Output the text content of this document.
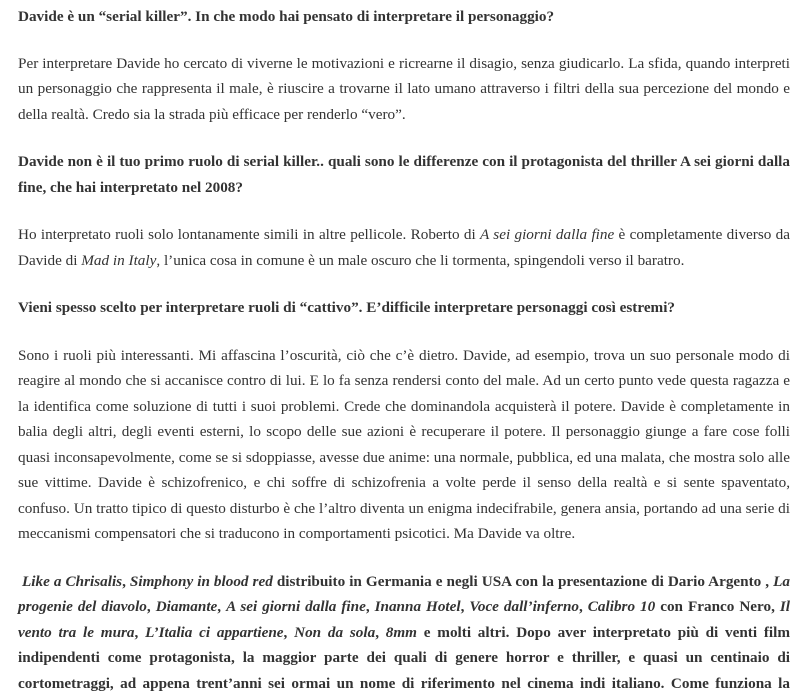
Davide è un “serial killer”. In che modo hai pensato di interpretare il personaggio?

Per interpretare Davide ho cercato di viverne le motivazioni e ricrearne il disagio, senza giudicarlo. La sfida, quando interpreti un personaggio che rappresenta il male, è riuscire a trovarne il lato umano attraverso i filtri della sua percezione del mondo e della realtà. Credo sia la strada più efficace per renderlo “vero”.

Davide non è il tuo primo ruolo di serial killer.. quali sono le differenze con il protagonista del thriller A sei giorni dalla fine, che hai interpretato nel 2008?

Ho interpretato ruoli solo lontanamente simili in altre pellicole. Roberto di A sei giorni dalla fine è completamente diverso da Davide di Mad in Italy, l’unica cosa in comune è un male oscuro che li tormenta, spingendoli verso il baratro.

Vieni spesso scelto per interpretare ruoli di “cattivo”. E’difficile interpretare personaggi così estremi?

Sono i ruoli più interessanti. Mi affascina l’oscurità, ciò che c’è dietro. Davide, ad esempio, trova un suo personale modo di reagire al mondo che si accanisce contro di lui. E lo fa senza rendersi conto del male. Ad un certo punto vede questa ragazza e la identifica come soluzione di tutti i suoi problemi. Crede che dominandola acquisterà il potere. Davide è completamente in balia degli altri, degli eventi esterni, lo scopo delle sue azioni è recuperare il potere. Il personaggio giunge a fare cose folli quasi inconsapevolmente, come se si sdoppiasse, avesse due anime: una normale, pubblica, ed una malata, che mostra solo alle sue vittime. Davide è schizofrenico, e chi soffre di schizofrenia a volte perde il senso della realtà e si sente spaventato, confuso. Un tratto tipico di questo disturbo è che l’altro diventa un enigma indecifrabile, genera ansia, portando ad una serie di meccanismi compensatori che si traducono in comportamenti psicotici. Ma Davide va oltre.

Like a Chrisalis, Simphony in blood red distribuito in Germania e negli USA con la presentazione di Dario Argento , La progenie del diavolo, Diamante, A sei giorni dalla fine, Inanna Hotel, Voce dall’inferno, Calibro 10 con Franco Nero, Il vento tra le mura, L’Italia ci appartiene, Non da sola, 8mm e molti altri. Dopo aver interpretato più di venti film indipendenti come protagonista, la maggior parte dei quali di genere horror e thriller, e quasi un centinaio di cortometraggi, ad appena trent’anni sei ormai un nome di riferimento nel cinema indi italiano. Come funziona la
